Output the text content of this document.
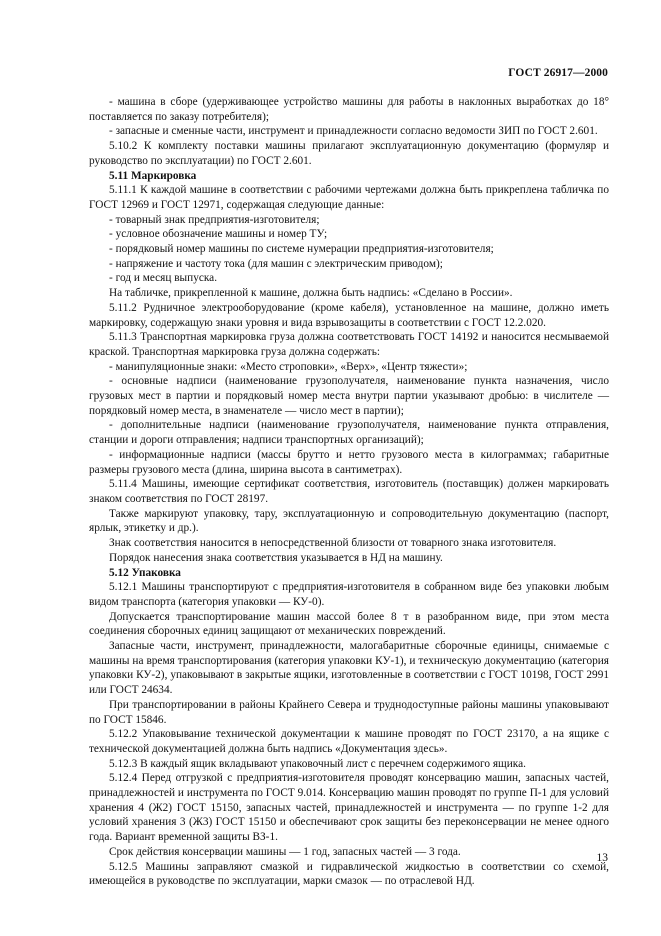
ГОСТ 26917—2000

- машина в сборе (удерживающее устройство машины для работы в наклонных выработках до 18° поставляется по заказу потребителя);

- запасные и сменные части, инструмент и принадлежности согласно ведомости ЗИП по ГОСТ 2.601.

5.10.2 К комплекту поставки машины прилагают эксплуатационную документацию (формуляр и руководство по эксплуатации) по ГОСТ 2.601.

5.11 Маркировка

5.11.1 К каждой машине в соответствии с рабочими чертежами должна быть прикреплена табличка по ГОСТ 12969 и ГОСТ 12971, содержащая следующие данные:

- товарный знак предприятия-изготовителя;

- условное обозначение машины и номер ТУ;

- порядковый номер машины по системе нумерации предприятия-изготовителя;

- напряжение и частоту тока (для машин с электрическим приводом);

- год и месяц выпуска.

На табличке, прикрепленной к машине, должна быть надпись: «Сделано в России».

5.11.2 Рудничное электрооборудование (кроме кабеля), установленное на машине, должно иметь маркировку, содержащую знаки уровня и вида взрывозащиты в соответствии с ГОСТ 12.2.020.

5.11.3 Транспортная маркировка груза должна соответствовать ГОСТ 14192 и наносится несмываемой краской. Транспортная маркировка груза должна содержать:

- манипуляционные знаки: «Место строповки», «Верх», «Центр тяжести»;

- основные надписи (наименование грузополучателя, наименование пункта назначения, число грузовых мест в партии и порядковый номер места внутри партии указывают дробью: в числителе — порядковый номер места, в знаменателе — число мест в партии);

- дополнительные надписи (наименование грузополучателя, наименование пункта отправления, станции и дороги отправления; надписи транспортных организаций);

- информационные надписи (массы брутто и нетто грузового места в килограммах; габаритные размеры грузового места (длина, ширина высота в сантиметрах).

5.11.4 Машины, имеющие сертификат соответствия, изготовитель (поставщик) должен маркировать знаком соответствия по ГОСТ 28197.

Также маркируют упаковку, тару, эксплуатационную и сопроводительную документацию (паспорт, ярлык, этикетку и др.).

Знак соответствия наносится в непосредственной близости от товарного знака изготовителя.

Порядок нанесения знака соответствия указывается в НД на машину.

5.12 Упаковка

5.12.1 Машины транспортируют с предприятия-изготовителя в собранном виде без упаковки любым видом транспорта (категория упаковки — КУ-0).

Допускается транспортирование машин массой более 8 т в разобранном виде, при этом места соединения сборочных единиц защищают от механических повреждений.

Запасные части, инструмент, принадлежности, малогабаритные сборочные единицы, снимаемые с машины на время транспортирования (категория упаковки КУ-1), и техническую документацию (категория упаковки КУ-2), упаковывают в закрытые ящики, изготовленные в соответствии с ГОСТ 10198, ГОСТ 2991 или ГОСТ 24634.

При транспортировании в районы Крайнего Севера и труднодоступные районы машины упаковывают по ГОСТ 15846.

5.12.2 Упаковывание технической документации к машине проводят по ГОСТ 23170, а на ящике с технической документацией должна быть надпись «Документация здесь».

5.12.3 В каждый ящик вкладывают упаковочный лист с перечнем содержимого ящика.

5.12.4 Перед отгрузкой с предприятия-изготовителя проводят консервацию машин, запасных частей, принадлежностей и инструмента по ГОСТ 9.014. Консервацию машин проводят по группе П-1 для условий хранения 4 (Ж2) ГОСТ 15150, запасных частей, принадлежностей и инструмента — по группе 1-2 для условий хранения 3 (Ж3) ГОСТ 15150 и обеспечивают срок защиты без переконсервации не менее одного года. Вариант временной защиты ВЗ-1.

Срок действия консервации машины — 1 год, запасных частей — 3 года.

5.12.5 Машины заправляют смазкой и гидравлической жидкостью в соответствии со схемой, имеющейся в руководстве по эксплуатации, марки смазок — по отраслевой НД.

13
